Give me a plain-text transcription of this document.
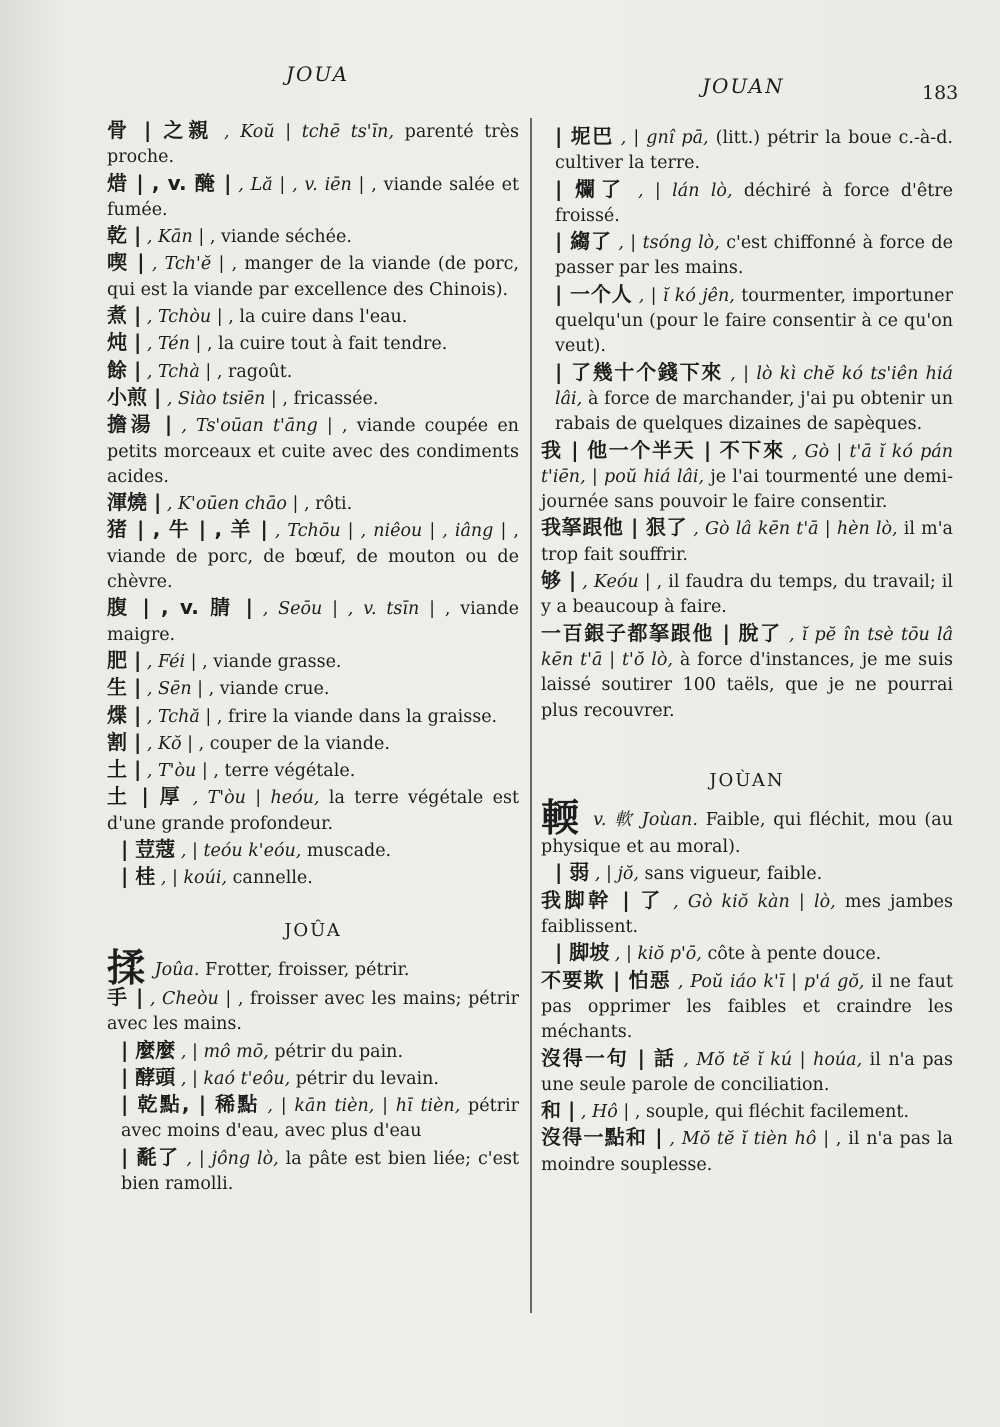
JOUA	JOUAN	183

骨 | 之親 , Koŭ | tchē ts'īn, parenté très proche.

焟 | , v. 醃 | , Lă | , v. iēn | , viande salée et fumée.

乾 | , Kān | , viande séchée.

喫 | , Tch'ĕ | , manger de la viande (de porc, qui est la viande par excellence des Chinois).

煮 | , Tchòu | , la cuire dans l'eau.

炖 | , Tén | , la cuire tout à fait tendre.

餘 | , Tchà | , ragoût.

小煎 | , Siào tsiēn | , fricassée.

擔湯 | , Ts'oūan t'āng | , viande coupée en petits morceaux et cuite avec des condiments acides.

渾燒 | , K'oūen chāo | , rôti.

猪 | , 牛 | , 羊 | , Tchōu | , niêou | , iâng | , viande de porc, de bœuf, de mouton ou de chèvre.

腹 | , v. 腈 | , Seōu | , v. tsīn | , viande maigre.

肥 | , Féi | , viande grasse.

生 | , Sēn | , viande crue.

煠 | , Tchă | , frire la viande dans la graisse.

割 | , Kŏ | , couper de la viande.

土 | , T'òu | , terre végétale.

土 | 厚 , T'òu | heóu, la terre végétale est d'une grande profondeur.

| 荳蔻 , | teóu k'eóu, muscade.

| 桂 , | koúi, cannelle.

JOÛA

揉 Joûa. Frotter, froisser, pétrir.

手 | , Cheòu | , froisser avec les mains; pétrir avec les mains.

| 麼麼 , | mô mō, pétrir du pain.

| 酵頭 , | kaó t'eôu, pétrir du levain.

| 乾點, | 稀點 , | kān tièn, | hī tièn, pétrir avec moins d'eau, avec plus d'eau

| 氄了 , | jông lò, la pâte est bien liée; c'est bien ramolli.

| 坭巴 , | gnî pā, (litt.) pétrir la boue c.-à-d. cultiver la terre.

| 爛了 , | lán lò, déchiré à force d'être froissé.

| 縐了 , | tsóng lò, c'est chiffonné à force de passer par les mains.

| 一个人 , | ĭ kó jên, tourmenter, importuner quelqu'un (pour le faire consentir à ce qu'on veut).

| 了幾十个錢下來 , | lò kì chĕ kó ts'iên hiá lâi, à force de marchander, j'ai pu obtenir un rabais de quelques dizaines de sapèques.

我 | 他一个半天 | 不下來 , Gò | t'ā ĭ kó pán t'iēn, | poŭ hiá lâi, je l'ai tourmenté une demi-journée sans pouvoir le faire consentir.

我拏跟他 | 狠了 , Gò lâ kēn t'ā | hèn lò, il m'a trop fait souffrir.

够 | , Keóu | , il faudra du temps, du travail; il y a beaucoup à faire.

一百銀子都拏跟他 | 脫了 , ĭ pĕ în tsè tōu lâ kēn t'ā | t'ŏ lò, à force d'instances, je me suis laissé soutirer 100 taëls, que je ne pourrai plus recouvrer.

JOÙAN

輭 v. 軟 Joùan. Faible, qui fléchit, mou (au physique et au moral).

| 弱 , | jŏ, sans vigueur, faible.

我脚幹 | 了 , Gò kiŏ kàn | lò, mes jambes faiblissent.

| 脚坡 , | kiŏ p'ō, côte à pente douce.

不要欺 | 怕惡 , Poŭ iáo k'ī | p'á gŏ, il ne faut pas opprimer les faibles et craindre les méchants.

沒得一句 | 話 , Mŏ tĕ ĭ kú | hoúa, il n'a pas une seule parole de conciliation.

和 | , Hô | , souple, qui fléchit facilement.

沒得一點和 | , Mŏ tĕ ĭ tièn hô | , il n'a pas la moindre souplesse.
